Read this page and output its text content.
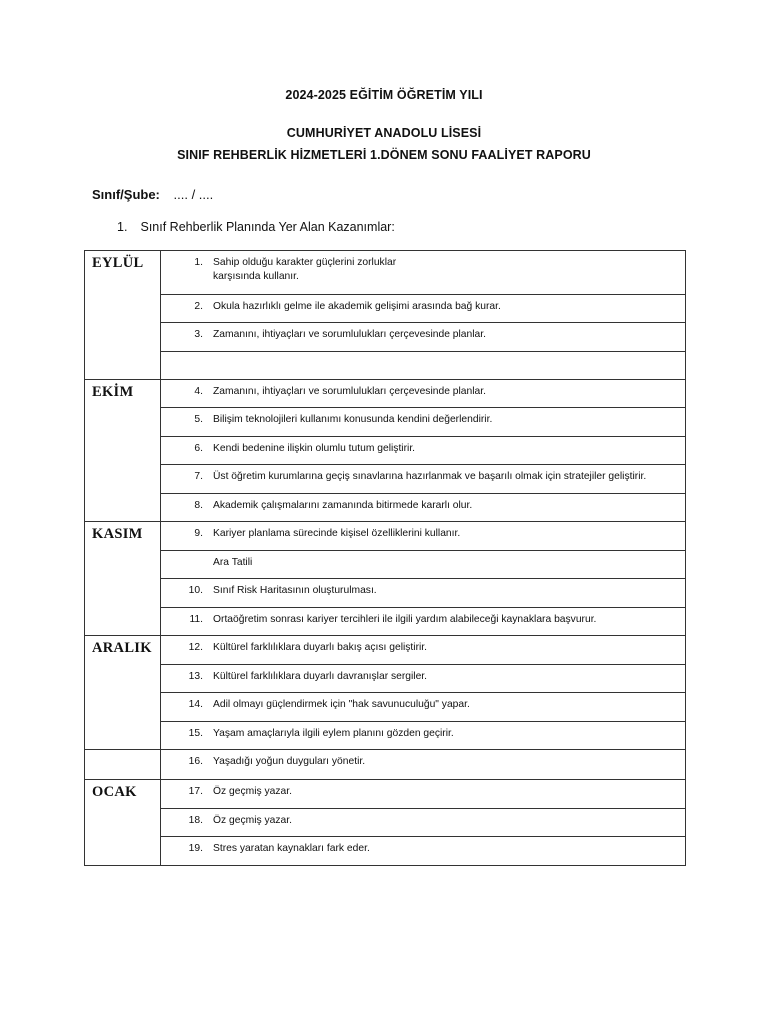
2024-2025 EĞİTİM ÖĞRETİM YILI
CUMHURİYET ANADOLU LİSESİ
SINIF REHBERLİK HİZMETLERİ 1.DÖNEM SONU FAALİYET RAPORU
Sınıf/Şube: .... / ....
1. Sınıf Rehberlik Planında Yer Alan Kazanımlar:
EYLÜL	1. Sahip olduğu karakter güçlerini zorluklar
karşısında kullanır.

	2. Okula hazırlıklı gelme ile akademik gelişimi arasında bağ kurar.

	3. Zamanını, ihtiyaçları ve sorumlulukları çerçevesinde planlar.

EKİM	4. Zamanını, ihtiyaçları ve sorumlulukları çerçevesinde planlar.

	5. Bilişim teknolojileri kullanımı konusunda kendini değerlendirir.

	6. Kendi bedenine ilişkin olumlu tutum geliştirir.

	7. Üst öğretim kurumlarına geçiş sınavlarına hazırlanmak ve başarılı olmak için stratejiler geliştirir.

	8. Akademik çalışmalarını zamanında bitirmede kararlı olur.

KASIM	9. Kariyer planlama sürecinde kişisel özelliklerini kullanır.

	Ara Tatili

	10. Sınıf Risk Haritasının oluşturulması.

	11. Ortaöğretim sonrası kariyer tercihleri ile ilgili yardım alabileceği kaynaklara başvurur.

ARALIK	12. Kültürel farklılıklara duyarlı bakış açısı geliştirir.

	13. Kültürel farklılıklara duyarlı davranışlar sergiler.

	14. Adil olmayı güçlendirmek için "hak savunuculuğu" yapar.

	15. Yaşam amaçlarıyla ilgili eylem planını gözden geçirir.

	16. Yaşadığı yoğun duyguları yönetir.

OCAK	17. Öz geçmiş yazar.

	18. Öz geçmiş yazar.

	19. Stres yaratan kaynakları fark eder.
